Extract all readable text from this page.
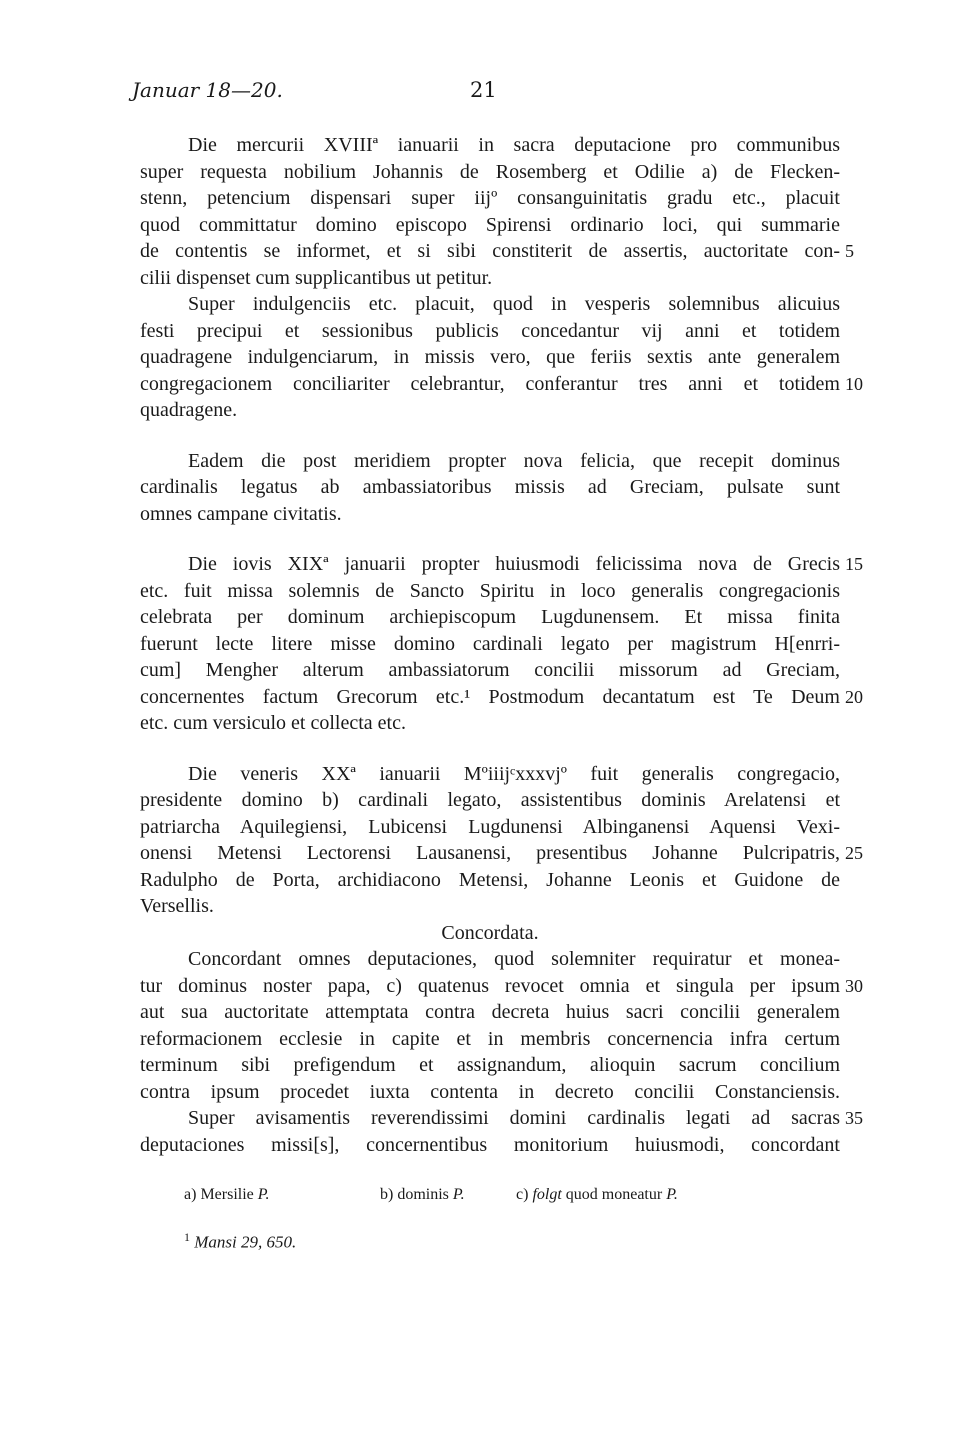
Januar 18—20.	21
Die mercurii XVIIIª ianuarii in sacra deputacione pro communibus
super requesta nobilium Johannis de Rosemberg et Odilie a) de Flecken-
stenn, petencium dispensari super iijº consanguinitatis gradu etc., placuit
quod committatur domino episcopo Spirensi ordinario loci, qui summarie
de contentis se informet, et si sibi constiterit de assertis, auctoritate con- 5
cilii dispenset cum supplicantibus ut petitur.
Super indulgenciis etc. placuit, quod in vesperis solemnibus alicuius
festi precipui et sessionibus publicis concedantur vij anni et totidem
quadragene indulgenciarum, in missis vero, que feriis sextis ante generalem
congregacionem conciliariter celebrantur, conferantur tres anni et totidem 10
quadragene.
Eadem die post meridiem propter nova felicia, que recepit dominus
cardinalis legatus ab ambassiatoribus missis ad Greciam, pulsate sunt
omnes campane civitatis.
Die iovis XIXª januarii propter huiusmodi felicissima nova de Grecis 15
etc. fuit missa solemnis de Sancto Spiritu in loco generalis congregacionis
celebrata per dominum archiepiscopum Lugdunensem. Et missa finita
fuerunt lecte litere misse domino cardinali legato per magistrum H[enrri-
cum] Mengher alterum ambassiatorum concilii missorum ad Greciam,
concernentes factum Grecorum etc.¹ Postmodum decantatum est Te Deum 20
etc. cum versiculo et collecta etc.
Die veneris XXª ianuarii Mºiiijᶜxxxvjº fuit generalis congregacio,
presidente domino b) cardinali legato, assistentibus dominis Arelatensi et
patriarcha Aquilegiensi, Lubicensi Lugdunensi Albinganensi Aquensi Vexi-
onensi Metensi Lectorensi Lausanensi, presentibus Johanne Pulcripatris, 25
Radulpho de Porta, archidiacono Metensi, Johanne Leonis et Guidone de
Versellis.
Concordata.
Concordant omnes deputaciones, quod solemniter requiratur et monea-
tur dominus noster papa, c) quatenus revocet omnia et singula per ipsum 30
aut sua auctoritate attemptata contra decreta huius sacri concilii generalem
reformacionem ecclesie in capite et in membris concernencia infra certum
terminum sibi prefigendum et assignandum, alioquin sacrum concilium
contra ipsum procedet iuxta contenta in decreto concilii Constanciensis.
Super avisamentis reverendissimi domini cardinalis legati ad sacras 35
deputaciones missi[s], concernentibus monitorium huiusmodi, concordant
a) Mersilie P.	b) dominis P.	c) folgt quod moneatur P.
$^1$ Mansi 29, 650.
